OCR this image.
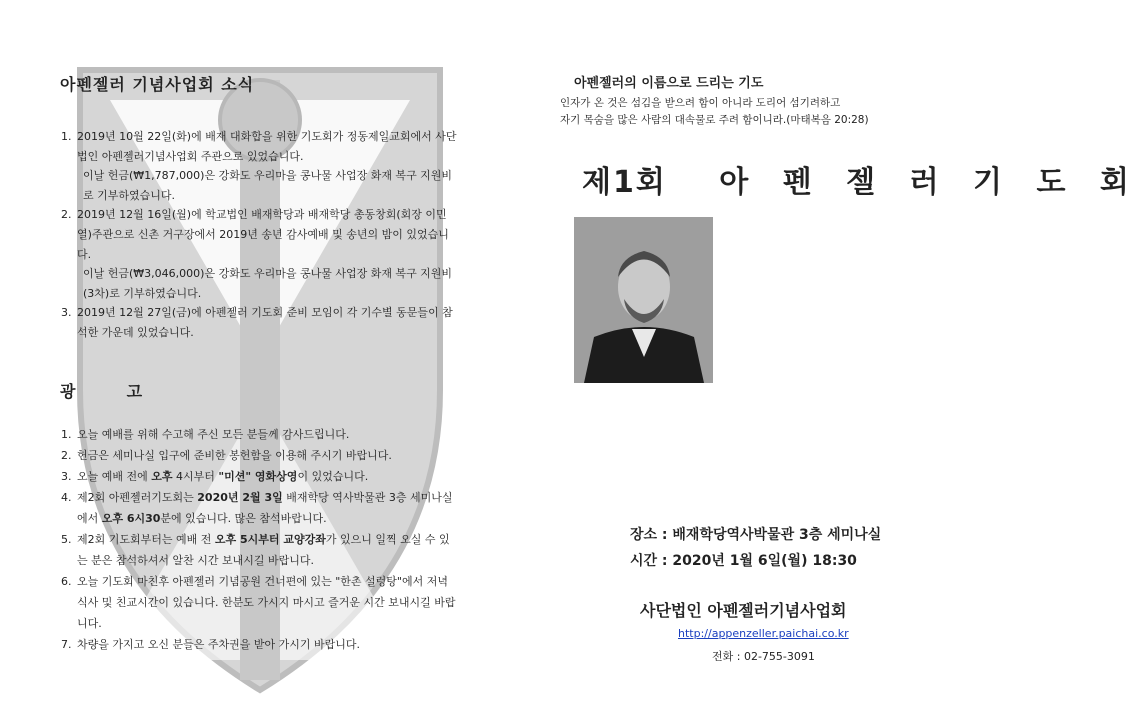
아펜젤러 기념사업회 소식
1. 2019년 10월 22일(화)에 배재 대화합을 위한 기도회가 정동제일교회에서 사단법인 아펜젤러기념사업회 주관으로 있었습니다.
이날 헌금(₩1,787,000)은 강화도 우리마을 콩나물 사업장 화재 복구 지원비로 기부하였습니다.
2. 2019년 12월 16일(월)에 학교법인 배재학당과 배재학당 총동창회(회장 이민열)주관으로 신촌 거구장에서 2019년 송년 감사예배 및 송년의 밤이 있었습니다.
이날 헌금(₩3,046,000)은 강화도 우리마을 콩나물 사업장 화재 복구 지원비(3차)로 기부하였습니다.
3. 2019년 12월 27일(금)에 아펜젤러 기도회 준비 모임이 각 기수별 동문들이 참석한 가운데 있었습니다.
광	고
1. 오늘 예배를 위해 수고해 주신 모든 분들께 감사드립니다.
2. 헌금은 세미나실 입구에 준비한 봉헌함을 이용해 주시기 바랍니다.
3. 오늘 예배 전에 오후 4시부터 "미션" 영화상영이 있었습니다.
4. 제2회 아펜젤러기도회는 2020년 2월 3일 배재학당 역사박물관 3층 세미나실에서 오후 6시30분에 있습니다. 많은 참석바랍니다.
5. 제2회 기도회부터는 예배 전 오후 5시부터 교양강좌가 있으니 일찍 오실 수 있는 분은 참석하셔서 알찬 시간 보내시길 바랍니다.
6. 오늘 기도회 마친후 아펜젤러 기념공원 건너편에 있는 "한촌 설렁탕"에서 저녁 식사 및 친교시간이 있습니다. 한분도 가시지 마시고 즐거운 시간 보내시길 바랍니다.
7. 차량을 가지고 오신 분들은 주차권을 받아 가시기 바랍니다.
아펜젤러의 이름으로 드리는 기도
인자가 온 것은 섬김을 받으려 함이 아니라 도리어 섬기려하고
자기 목숨을 많은 사람의 대속물로 주려 함이니라.(마태복음 20:28)
제1회 아 펜 젤 러 기 도 회
장소 : 배재학당역사박물관 3층 세미나실
시간 : 2020년 1월 6일(월) 18:30
사단법인 아펜젤러기념사업회
http://appenzeller.paichai.co.kr
전화 : 02-755-3091
